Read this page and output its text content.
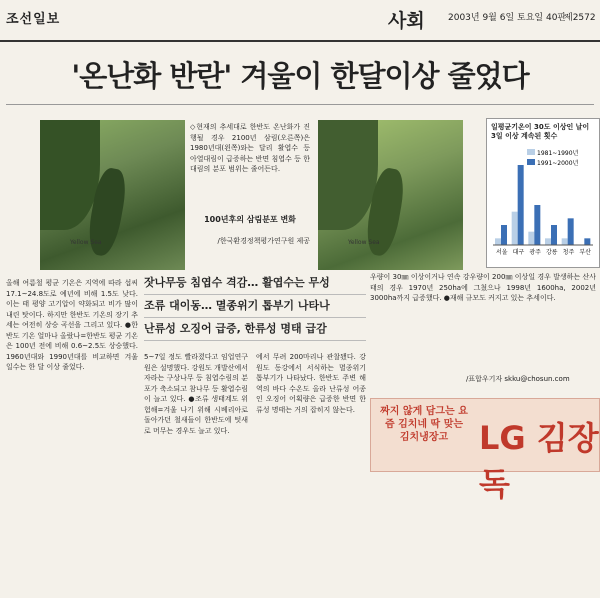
조선일보	사회	2003년 9월 6일 토요일 40판
제2572
'온난화 반란' 겨울이 한달이상 줄었다
Yellow Sea	Yellow Sea
◇현재의 추세대로 한반도 온난화가 진행될 경우 2100년 삼림(오른쪽)은 1980년대(왼쪽)와는 달리 활엽수 등 아열대림이 급증하는 반면 침엽수 등 한대림의 분포 범위는 줄어든다.
100년후의 삼림분포 변화
/한국환경정책평가연구원 제공
일평균기온이 30도 이상인 날이 3일 이상 계속된 횟수
1981~1990년
1991~2000년
서울 대구 광주 강릉 청주 부산
올해 여름철 평균 기온은 지역에 따라 섭씨 17.1~24.8도로 예년에 비해 1.5도 낮다. 이는 태 평양 고기압이 약화되고 비가 많이 내린 탓이다. 하지만 한반도 기온의 장기 추세는 여전히 상승 곡선을 그리고 있다. ●한반도 기온 얼마나 올랐나=한반도 평균 기온은 100년 전에 비해 0.6~2.5도 상승했다. 1960년대와 1990년대를 비교하면 겨울 일수는 한 달 이상 줄었다.
잣나무등 침엽수 격감… 활엽수는 무성
조류 대이동… 멸종위기 톱부기 나타나
난류성 오징어 급증, 한류성 명태 급감
5~7일 정도 빨라졌다고 임업연구원은 설명했다. 강원도 개발산에서 자라는 구상나무 등 침엽수림의 분포가 축소되고 참나무 등 활엽수림이 늘고 있다. ●조류 생태계도 위험해=겨울 나기 위해 시베리아로 돌아가던 철새들이 한반도에 텃새로 머무는 경우도 늘고 있다.
에서 무려 200마리나 관찰됐다. 강원도 동강에서 서식하는 멸종위기 톱부기가 나타났다. 한반도 주변 해역의 바다 수온도 올라 난류성 어종인 오징어 어획량은 급증한 반면 한류성 명태는 거의 잡히지 않는다.
우량이 30㎜ 이상이거나 연속 강우량이 200㎜ 이상일 경우 발생하는 산사태의 경우 1970년 250ha에 그쳤으나 1998년 1600ha, 2002년 3000ha까지 급증했다. ●재해 규모도 커지고 있는 추세이다.
/표합우기자 skku@chosun.com
짜지 않게 담그는 요즘 김치네 딱 맞는 김치냉장고 LG 김장독
